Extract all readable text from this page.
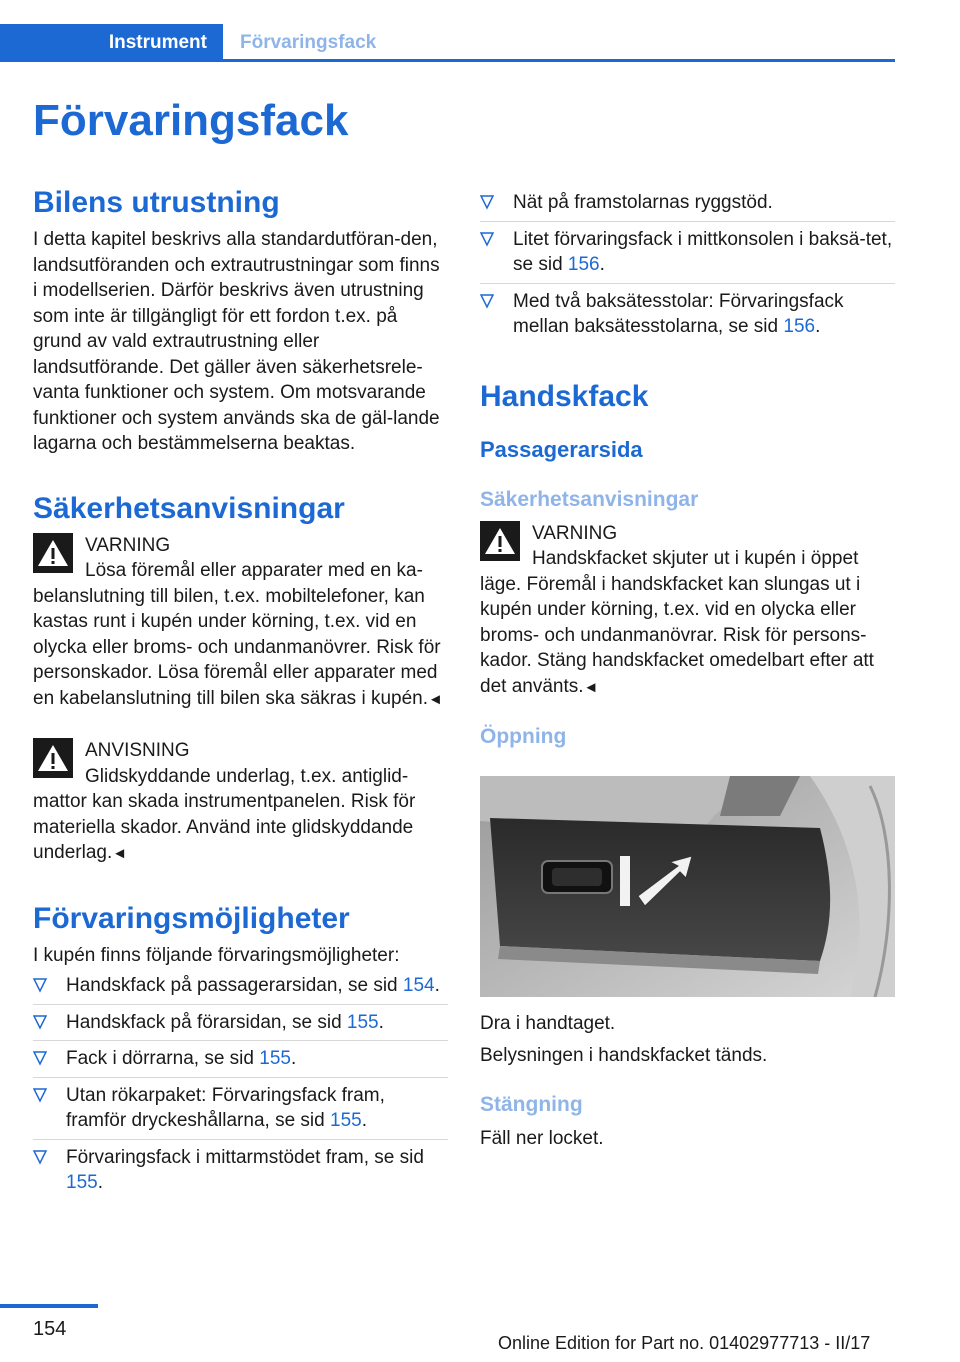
Instrument	Förvaringsfack
Förvaringsfack
Bilens utrustning

I detta kapitel beskrivs alla standardutföran-den, landsutföranden och extrautrustningar som finns i modellserien. Därför beskrivs även utrustning som inte är tillgängligt för ett fordon t.ex. på grund av vald extrautrustning eller landsutförande. Det gäller även säkerhetsrele-vanta funktioner och system. Om motsvarande funktioner och system används ska de gäl-lande lagarna och bestämmelserna beaktas.

Säkerhetsanvisningar
VARNING
Lösa föremål eller apparater med en ka-belanslutning till bilen, t.ex. mobiltelefoner, kan kastas runt i kupén under körning, t.ex. vid en olycka eller broms- och undanmanövrer. Risk för personskador. Lösa föremål eller apparater med en kabelanslutning till bilen ska säkras i kupén.◄
ANVISNING
Glidskyddande underlag, t.ex. antiglid-mattor kan skada instrumentpanelen. Risk för materiella skador. Använd inte glidskyddande underlag.◄
Förvaringsmöjligheter

I kupén finns följande förvaringsmöjligheter:

Handskfack på passagerarsidan, se sid 154.
Handskfack på förarsidan, se sid 155.
Fack i dörrarna, se sid 155.
Utan rökarpaket: Förvaringsfack fram, framför dryckeshållarna, se sid 155.
Förvaringsfack i mittarmstödet fram, se sid 155.
Nät på framstolarnas ryggstöd.
Litet förvaringsfack i mittkonsolen i baksä-tet, se sid 156.
Med två baksätesstolar: Förvaringsfack mellan baksätesstolarna, se sid 156.
Handskfack
Passagerarsida
Säkerhetsanvisningar
VARNING
Handskfacket skjuter ut i kupén i öppet läge. Föremål i handskfacket kan slungas ut i kupén under körning, t.ex. vid en olycka eller broms- och undanmanövrar. Risk för persons-kador. Stäng handskfacket omedelbart efter att det använts.◄
Öppning

Dra i handtaget.

Belysningen i handskfacket tänds.

Stängning

Fäll ner locket.

154
Online Edition for Part no. 01402977713 - II/17
